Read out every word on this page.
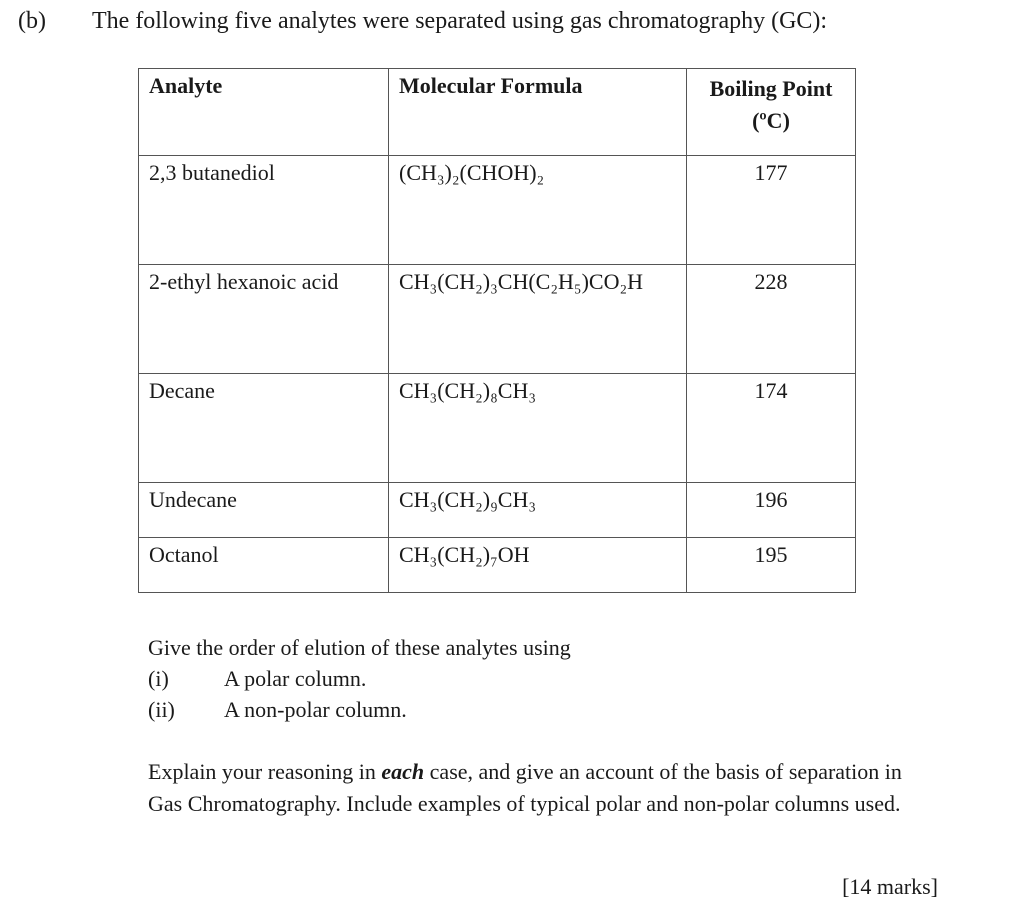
(b) The following five analytes were separated using gas chromatography (GC):
Analyte	Molecular Formula	Boiling Point
(ºC)

2,3 butanediol	(CH₃)₂(CHOH)₂	177
2-ethyl hexanoic acid	CH₃(CH₂)₃CH(C₂H₅)CO₂H	228
Decane	CH₃(CH₂)₈CH₃	174
Undecane	CH₃(CH₂)₉CH₃	196
Octanol	CH₃(CH₂)₇OH	195
Give the order of elution of these analytes using
(i)	A polar column.
(ii)	A non-polar column.
Explain your reasoning in each case, and give an account of the basis of separation in Gas Chromatography. Include examples of typical polar and non-polar columns used.
[14 marks]
